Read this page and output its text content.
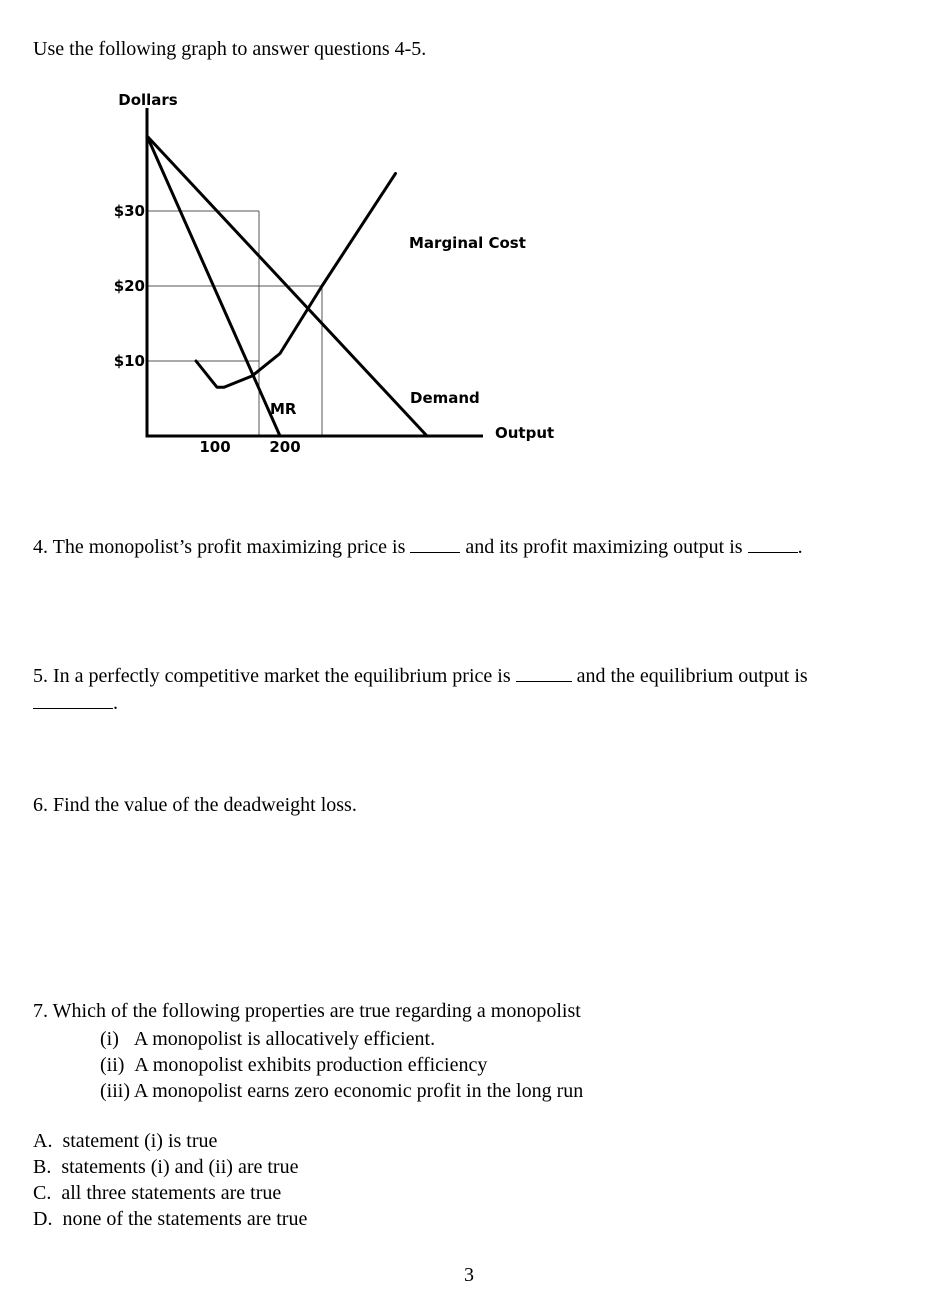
Use the following graph to answer questions 4-5.
Dollars
Output
$30
$20
$10
100	200
Marginal Cost
Demand
MR
4. The monopolist’s profit maximizing price is	and its profit maximizing output is	.
5. In a perfectly competitive market the equilibrium price is	and the equilibrium output is
.
6. Find the value of the deadweight loss.
7. Which of the following properties are true regarding a monopolist
(i)   A monopolist is allocatively efficient.
(ii)  A monopolist exhibits production efficiency
(iii) A monopolist earns zero economic profit in the long run
A.  statement (i) is true
B.  statements (i) and (ii) are true
C.  all three statements are true
D.  none of the statements are true
3
